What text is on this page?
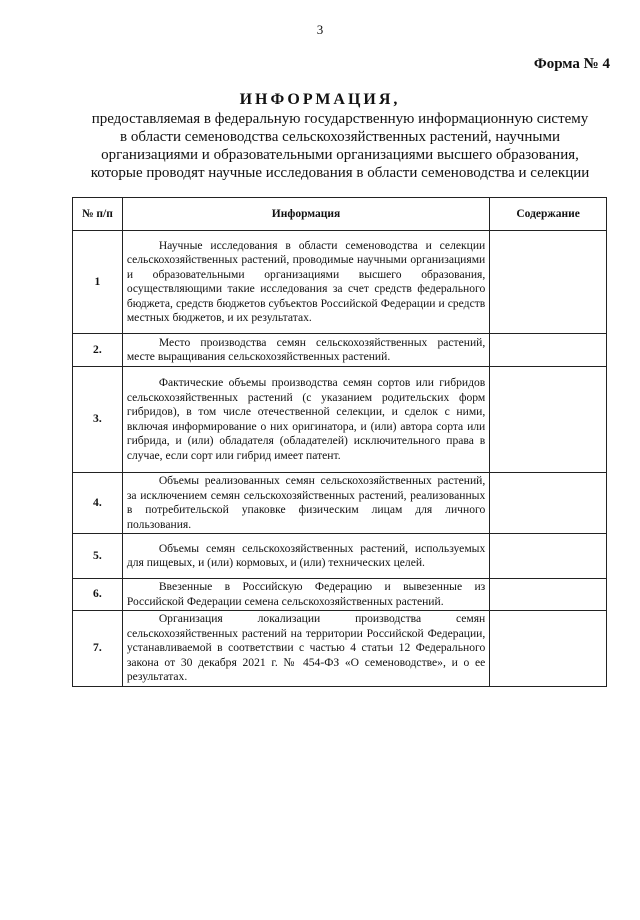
3
Форма № 4
ИНФОРМАЦИЯ,
предоставляемая в федеральную государственную информационную систему
в области семеноводства сельскохозяйственных растений, научными
организациями и образовательными организациями высшего образования,
которые проводят научные исследования в области семеноводства и селекции
№ п/п	Информация	Содержание
1	Научные исследования в области семеноводства и селекции сельскохозяйственных растений, проводимые научными организациями и образовательными организациями высшего образования, осуществляющими такие исследования за счет средств федерального бюджета, средств бюджетов субъектов Российской Федерации и средств местных бюджетов, и их результатах.	
2.	Место производства семян сельскохозяйственных растений, месте выращивания сельскохозяйственных растений.	
3.	Фактические объемы производства семян сортов или гибридов сельскохозяйственных растений (с указанием родительских форм гибридов), в том числе отечественной селекции, и сделок с ними, включая информирование о них оригинатора, и (или) автора сорта или гибрида, и (или) обладателя (обладателей) исключительного права в случае, если сорт или гибрид имеет патент.	
4.	Объемы реализованных семян сельскохозяйственных растений, за исключением семян сельскохозяйственных растений, реализованных в потребительской упаковке физическим лицам для личного пользования.	
5.	Объемы семян сельскохозяйственных растений, используемых для пищевых, и (или) кормовых, и (или) технических целей.	
6.	Ввезенные в Российскую Федерацию и вывезенные из Российской Федерации семена сельскохозяйственных растений.	
7.	Организация локализации производства семян сельскохозяйственных растений на территории Российской Федерации, устанавливаемой в соответствии с частью 4 статьи 12 Федерального закона от 30 декабря 2021 г. № 454-ФЗ «О семеноводстве», и о ее результатах.	
